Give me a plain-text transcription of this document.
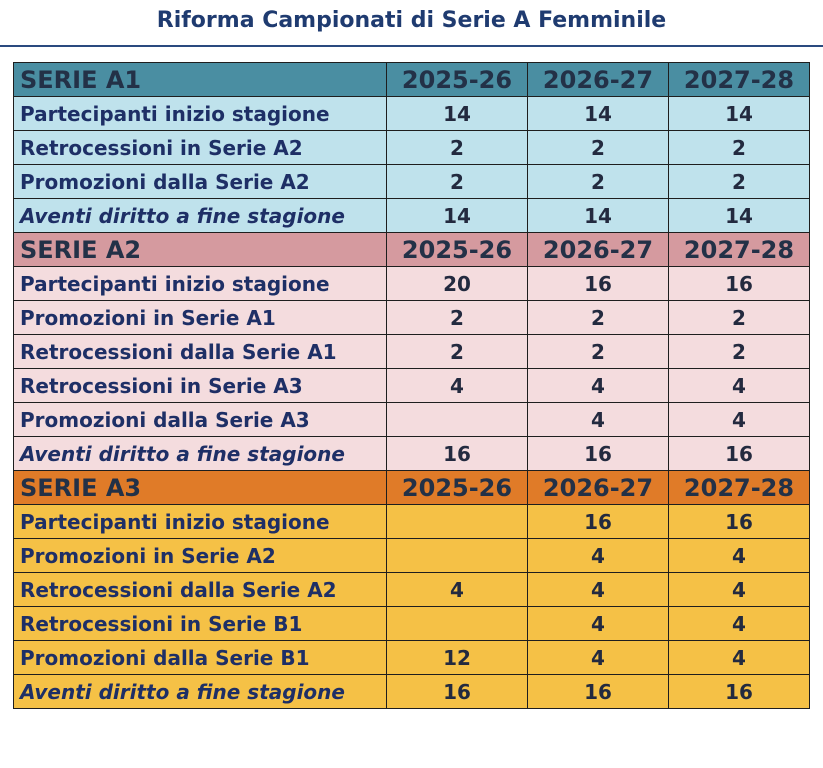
Riforma Campionati di Serie A Femminile
SERIE A1	2025-26	2026-27	2027-28
Partecipanti inizio stagione	14	14	14
Retrocessioni in Serie A2	2	2	2
Promozioni dalla Serie A2	2	2	2
Aventi diritto a fine stagione	14	14	14
SERIE A2	2025-26	2026-27	2027-28
Partecipanti inizio stagione	20	16	16
Promozioni in Serie A1	2	2	2
Retrocessioni dalla Serie A1	2	2	2
Retrocessioni in Serie A3	4	4	4
Promozioni dalla Serie A3		4	4
Aventi diritto a fine stagione	16	16	16
SERIE A3	2025-26	2026-27	2027-28
Partecipanti inizio stagione		16	16
Promozioni in Serie A2		4	4
Retrocessioni dalla Serie A2	4	4	4
Retrocessioni in Serie B1		4	4
Promozioni dalla Serie B1	12	4	4
Aventi diritto a fine stagione	16	16	16
